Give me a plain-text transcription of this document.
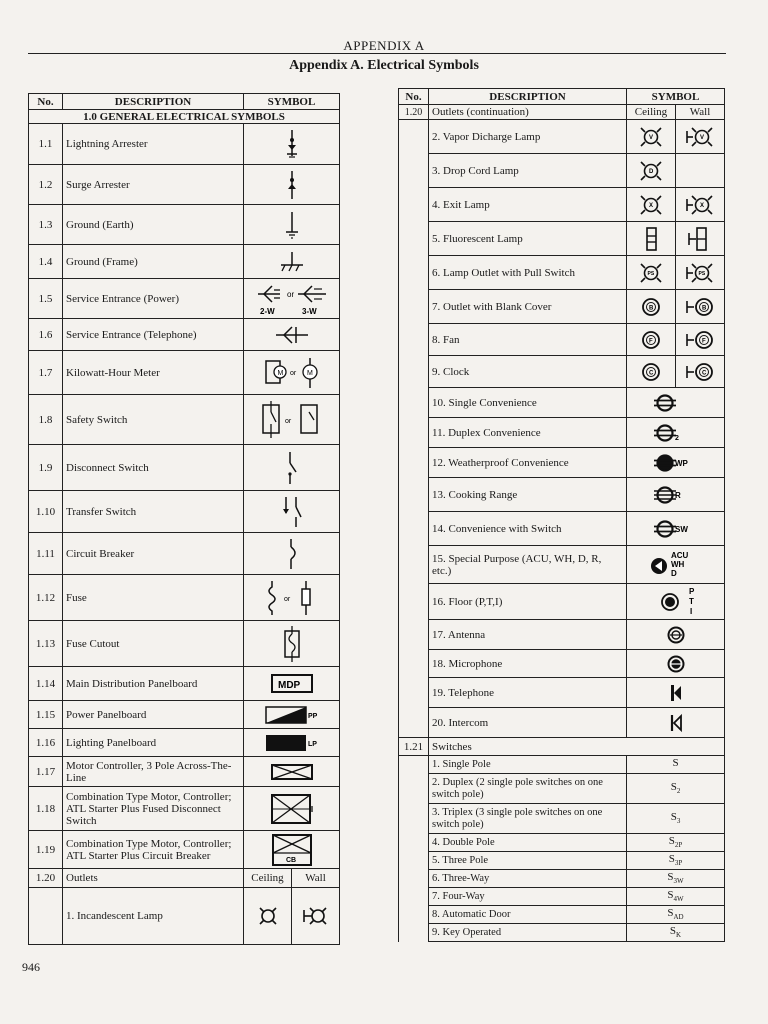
APPENDIX A
Appendix A. Electrical Symbols
No.	DESCRIPTION	SYMBOL
1.0 GENERAL ELECTRICAL SYMBOLS		
1.1	Lightning Arrester	
1.2	Surge Arrester	
1.3	Ground (Earth)	
1.4	Ground (Frame)	
1.5	Service Entrance (Power)	or
2-W 3-W

1.6	Service Entrance (Telephone)	
1.7	Kilowatt-Hour Meter	M or M

1.8	Safety Switch	or

1.9	Disconnect Switch	
1.10	Transfer Switch	
1.11	Circuit Breaker	
1.12	Fuse	or

1.13	Fuse Cutout	
1.14	Main Distribution Panelboard	MDP

1.15	Power Panelboard	PP

1.16	Lighting Panelboard	LP

1.17	Motor Controller, 3 Pole Across-The-Line	
1.18	Combination Type Motor, Controller; ATL Starter Plus Fused Disconnect Switch	
1.19	Combination Type Motor, Controller; ATL Starter Plus Circuit Breaker	CB

1.20	Outlets	Ceiling Wall

	1. Incandescent Lamp	
No.	DESCRIPTION	SYMBOL	
1.20	Outlets (continuation)	Ceiling	Wall
	2. Vapor Dicharge Lamp	V	V

	3. Drop Cord Lamp	D	

	4. Exit Lamp	X	X

	5. Fluorescent Lamp		
	6. Lamp Outlet with Pull Switch	PS	PS

	7. Outlet with Blank Cover	B	B

	8. Fan	F	F

	9. Clock	C	C

	10. Single Convenience	
	11. Duplex Convenience	2	

	12. Weatherproof Convenience	WP	

	13. Cooking Range	R	

	14. Convenience with Switch	SW	

	15. Special Purpose (ACU, WH, D, R, etc.)	ACU
WH
D	

	16. Floor (P,T,I)	P
T
I	

	17. Antenna	
	18. Microphone	
	19. Telephone	
	20. Intercom	
1.21	Switches		
	1. Single Pole	S	
	2. Duplex (2 single pole switches on one switch pole)	$S_2$
	3. Triplex (3 single pole switches on one switch pole)	$S_3$
	4. Double Pole	$S_{2P}$
	5. Three Pole	$S_{3P}$
	6. Three-Way	$S_{3W}$
	7. Four-Way	$S_{4W}$
	8. Automatic Door	$S_{AD}$
	9. Key Operated	$S_K$
946
